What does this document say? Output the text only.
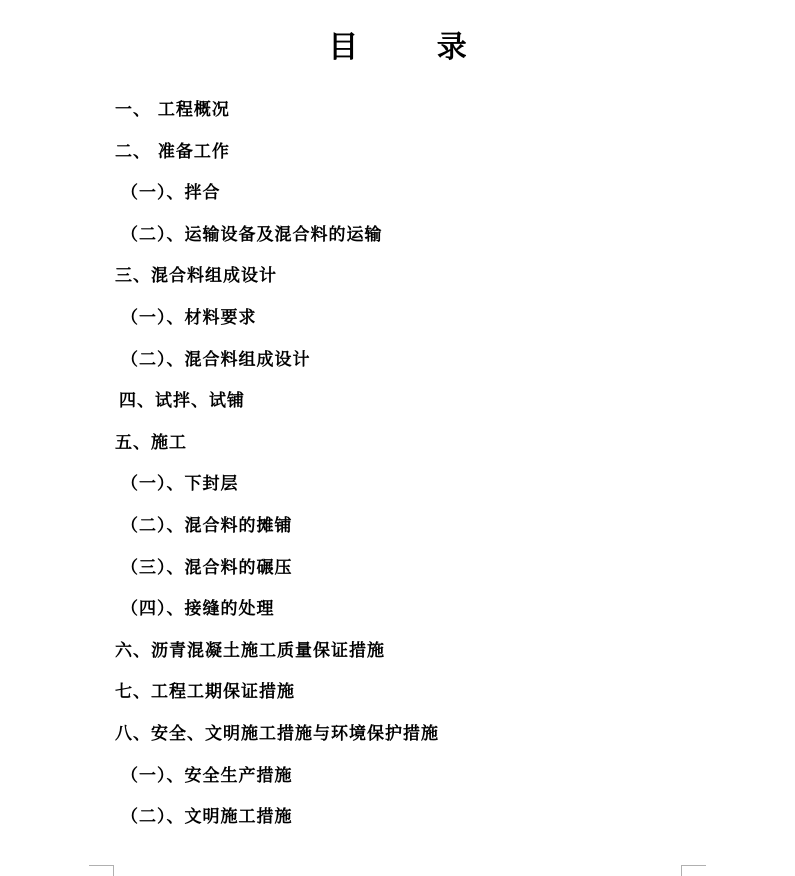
目 录
一、 工程概况
二、 准备工作
（一）、拌合
（二）、运输设备及混合料的运输
三、混合料组成设计
（一）、材料要求
（二）、混合料组成设计
四、试拌、试铺
五、施工
（一）、下封层
（二）、混合料的摊铺
（三）、混合料的碾压
（四）、接缝的处理
六、沥青混凝土施工质量保证措施
七、工程工期保证措施
八、安全、文明施工措施与环境保护措施
（一）、安全生产措施
（二）、文明施工措施
